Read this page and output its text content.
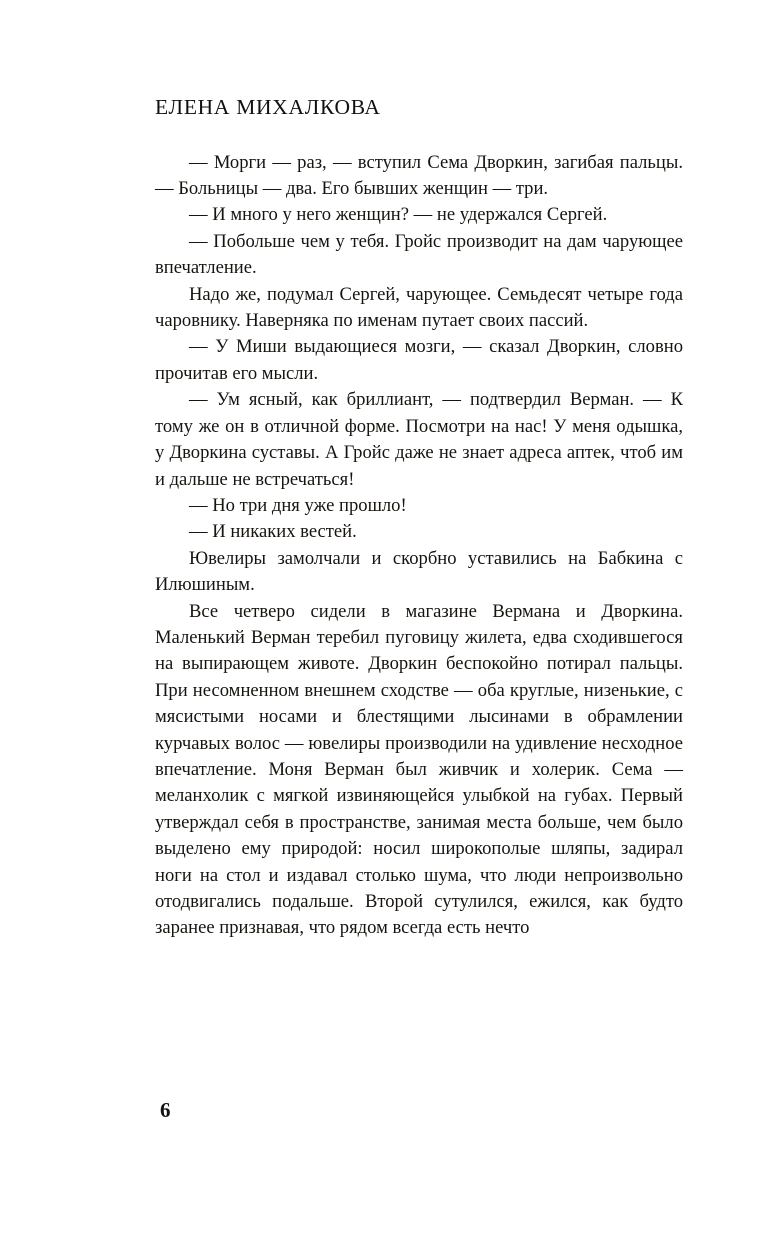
ЕЛЕНА МИХАЛКОВА

— Морги — раз, — вступил Сема Дворкин, загибая пальцы. — Больницы — два. Его бывших женщин — три.

— И много у него женщин? — не удержался Сергей.

— Побольше чем у тебя. Гройс производит на дам чарующее впечатление.

Надо же, подумал Сергей, чарующее. Семьдесят четыре года чаровнику. Наверняка по именам путает своих пассий.

— У Миши выдающиеся мозги, — сказал Дворкин, словно прочитав его мысли.

— Ум ясный, как бриллиант, — подтвердил Верман. — К тому же он в отличной форме. Посмотри на нас! У меня одышка, у Дворкина суставы. А Гройс даже не знает адреса аптек, чтоб им и дальше не встречаться!

— Но три дня уже прошло!

— И никаких вестей.

Ювелиры замолчали и скорбно уставились на Бабкина с Илюшиным.

Все четверо сидели в магазине Вермана и Дворкина. Маленький Верман теребил пуговицу жилета, едва сходившегося на выпирающем животе. Дворкин беспокойно потирал пальцы. При несомненном внешнем сходстве — оба круглые, низенькие, с мясистыми носами и блестящими лысинами в обрамлении курчавых волос — ювелиры производили на удивление несходное впечатление. Моня Верман был живчик и холерик. Сема — меланхолик с мягкой извиняющейся улыбкой на губах. Первый утверждал себя в пространстве, занимая места больше, чем было выделено ему природой: носил широкополые шляпы, задирал ноги на стол и издавал столько шума, что люди непроизвольно отодвигались подальше. Второй сутулился, ежился, как будто заранее признавая, что рядом всегда есть нечто

6
